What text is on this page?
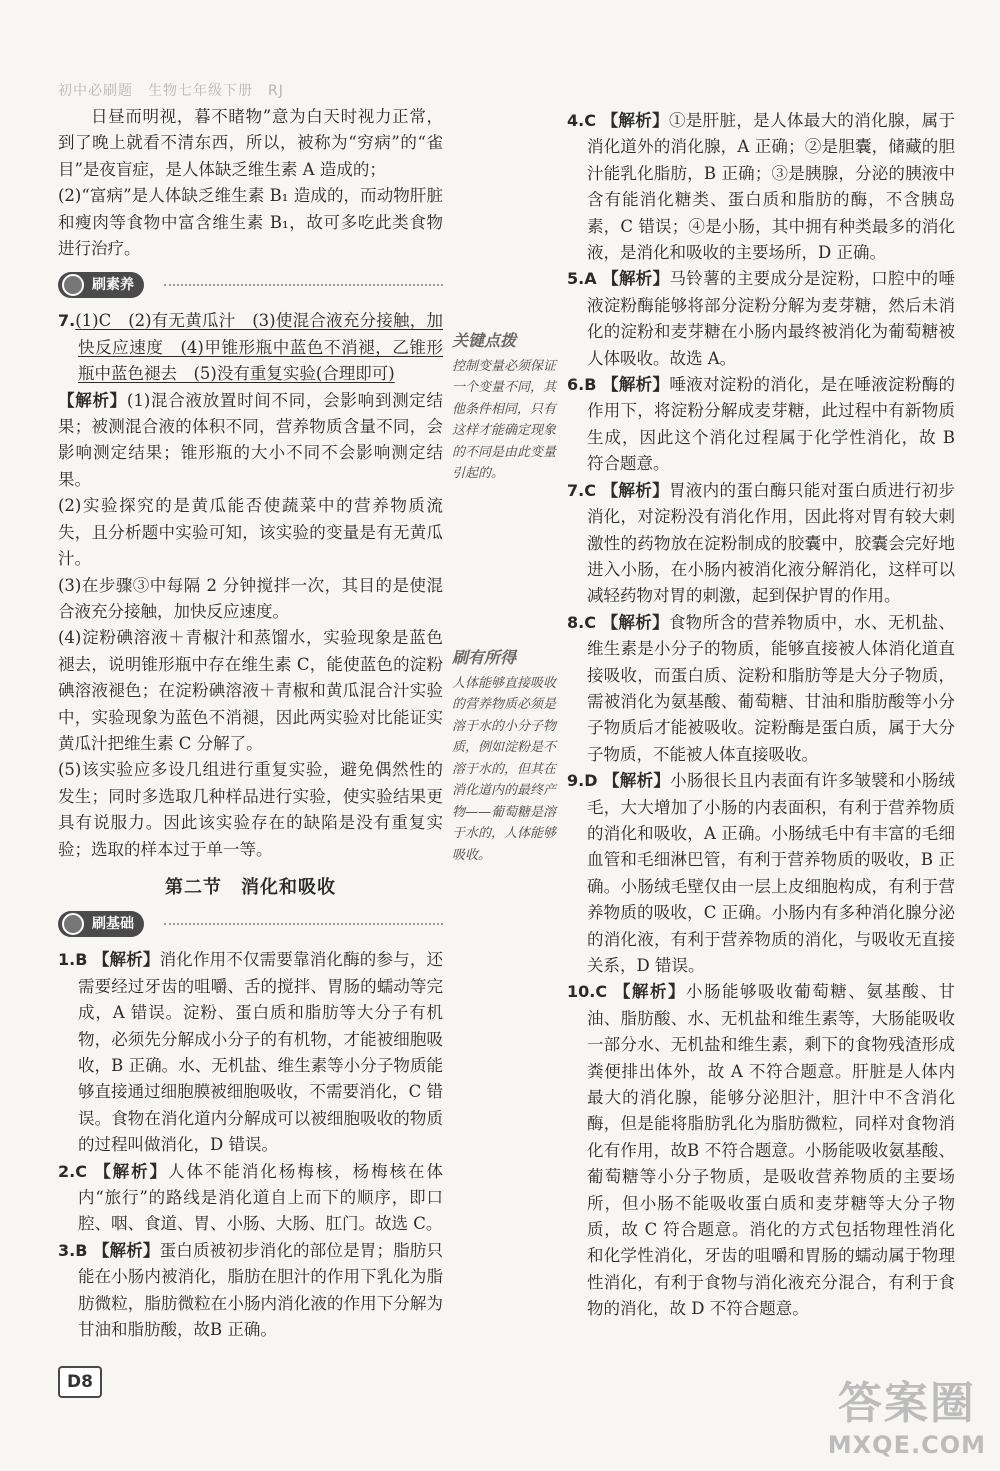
初中必刷题　生物七年级下册　RJ

日昼而明视，暮不睹物”意为白天时视力正常，到了晚上就看不清东西，所以，被称为“穷病”的“雀目”是夜盲症，是人体缺乏维生素 A 造成的；

(2)“富病”是人体缺乏维生素 B₁ 造成的，而动物肝脏和瘦肉等食物中富含维生素 B₁，故可多吃此类食物进行治疗。

刷素养

7.(1)C　(2)有无黄瓜汁　(3)使混合液充分接触，加快反应速度　(4)甲锥形瓶中蓝色不消褪，乙锥形瓶中蓝色褪去　(5)没有重复实验(合理即可)

【解析】(1)混合液放置时间不同，会影响到测定结果；被测混合液的体积不同，营养物质含量不同，会影响测定结果；锥形瓶的大小不同不会影响测定结果。

(2)实验探究的是黄瓜能否使蔬菜中的营养物质流失，且分析题中实验可知，该实验的变量是有无黄瓜汁。

(3)在步骤③中每隔 2 分钟搅拌一次，其目的是使混合液充分接触，加快反应速度。

(4)淀粉碘溶液＋青椒汁和蒸馏水，实验现象是蓝色褪去，说明锥形瓶中存在维生素 C，能使蓝色的淀粉碘溶液褪色；在淀粉碘溶液＋青椒和黄瓜混合汁实验中，实验现象为蓝色不消褪，因此两实验对比能证实黄瓜汁把维生素 C 分解了。

(5)该实验应多设几组进行重复实验，避免偶然性的发生；同时多选取几种样品进行实验，使实验结果更具有说服力。因此该实验存在的缺陷是没有重复实验；选取的样本过于单一等。

第二节　消化和吸收
刷基础

1.B 【解析】消化作用不仅需要靠消化酶的参与，还需要经过牙齿的咀嚼、舌的搅拌、胃肠的蠕动等完成，A 错误。淀粉、蛋白质和脂肪等大分子有机物，必须先分解成小分子的有机物，才能被细胞吸收，B 正确。水、无机盐、维生素等小分子物质能够直接通过细胞膜被细胞吸收，不需要消化，C 错误。食物在消化道内分解成可以被细胞吸收的物质的过程叫做消化，D 错误。

2.C 【解析】人体不能消化杨梅核，杨梅核在体内“旅行”的路线是消化道自上而下的顺序，即口腔、咽、食道、胃、小肠、大肠、肛门。故选 C。

3.B 【解析】蛋白质被初步消化的部位是胃；脂肪只能在小肠内被消化，脂肪在胆汁的作用下乳化为脂肪微粒，脂肪微粒在小肠内消化液的作用下分解为甘油和脂肪酸，故B 正确。

关键点拨
控制变量必须保证一个变量不同，其他条件相同，只有这样才能确定现象的不同是由此变量引起的。
刷有所得
人体能够直接吸收的营养物质必须是溶于水的小分子物质，例如淀粉是不溶于水的，但其在消化道内的最终产物——葡萄糖是溶于水的，人体能够吸收。

4.C 【解析】①是肝脏，是人体最大的消化腺，属于消化道外的消化腺，A 正确；②是胆囊，储藏的胆汁能乳化脂肪，B 正确；③是胰腺，分泌的胰液中含有能消化糖类、蛋白质和脂肪的酶，不含胰岛素，C 错误；④是小肠，其中拥有种类最多的消化液，是消化和吸收的主要场所，D 正确。

5.A 【解析】马铃薯的主要成分是淀粉，口腔中的唾液淀粉酶能够将部分淀粉分解为麦芽糖，然后未消化的淀粉和麦芽糖在小肠内最终被消化为葡萄糖被人体吸收。故选 A。

6.B 【解析】唾液对淀粉的消化，是在唾液淀粉酶的作用下，将淀粉分解成麦芽糖，此过程中有新物质生成，因此这个消化过程属于化学性消化，故 B 符合题意。

7.C 【解析】胃液内的蛋白酶只能对蛋白质进行初步消化，对淀粉没有消化作用，因此将对胃有较大刺激性的药物放在淀粉制成的胶囊中，胶囊会完好地进入小肠，在小肠内被消化液分解消化，这样可以减轻药物对胃的刺激，起到保护胃的作用。

8.C 【解析】食物所含的营养物质中，水、无机盐、维生素是小分子的物质，能够直接被人体消化道直接吸收，而蛋白质、淀粉和脂肪等是大分子物质，需被消化为氨基酸、葡萄糖、甘油和脂肪酸等小分子物质后才能被吸收。淀粉酶是蛋白质，属于大分子物质，不能被人体直接吸收。

9.D 【解析】小肠很长且内表面有许多皱襞和小肠绒毛，大大增加了小肠的内表面积，有利于营养物质的消化和吸收，A 正确。小肠绒毛中有丰富的毛细血管和毛细淋巴管，有利于营养物质的吸收，B 正确。小肠绒毛壁仅由一层上皮细胞构成，有利于营养物质的吸收，C 正确。小肠内有多种消化腺分泌的消化液，有利于营养物质的消化，与吸收无直接关系，D 错误。

10.C 【解析】小肠能够吸收葡萄糖、氨基酸、甘油、脂肪酸、水、无机盐和维生素等，大肠能吸收一部分水、无机盐和维生素，剩下的食物残渣形成粪便排出体外，故 A 不符合题意。肝脏是人体内最大的消化腺，能够分泌胆汁，胆汁中不含消化酶，但是能将脂肪乳化为脂肪微粒，同样对食物消化有作用，故B 不符合题意。小肠能吸收氨基酸、葡萄糖等小分子物质，是吸收营养物质的主要场所，但小肠不能吸收蛋白质和麦芽糖等大分子物质，故 C 符合题意。消化的方式包括物理性消化和化学性消化，牙齿的咀嚼和胃肠的蠕动属于物理性消化，有利于食物与消化液充分混合，有利于食物的消化，故 D 不符合题意。

D8	答案圈
MXQE.COM
